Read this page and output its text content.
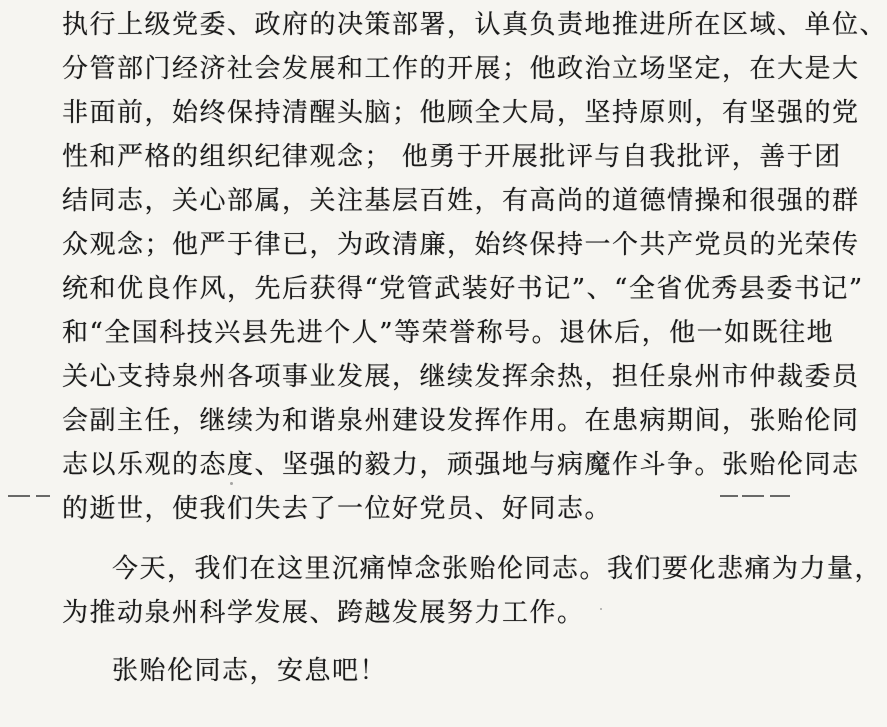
执行上级党委、政府的决策部署，认真负责地推进所在区域、单位、
分管部门经济社会发展和工作的开展；他政治立场坚定，在大是大
非面前，始终保持清醒头脑；他顾全大局，坚持原则，有坚强的党
性和严格的组织纪律观念； 他勇于开展批评与自我批评，善于团
结同志，关心部属，关注基层百姓，有高尚的道德情操和很强的群
众观念；他严于律已，为政清廉，始终保持一个共产党员的光荣传
统和优良作风，先后获得“党管武装好书记”、“全省优秀县委书记”
和“全国科技兴县先进个人”等荣誉称号。退休后，他一如既往地
关心支持泉州各项事业发展，继续发挥余热，担任泉州市仲裁委员
会副主任，继续为和谐泉州建设发挥作用。在患病期间，张贻伦同
志以乐观的态度、坚强的毅力，顽强地与病魔作斗争。张贻伦同志
的逝世，使我们失去了一位好党员、好同志。
今天，我们在这里沉痛悼念张贻伦同志。我们要化悲痛为力量，
为推动泉州科学发展、跨越发展努力工作。
张贻伦同志，安息吧！
